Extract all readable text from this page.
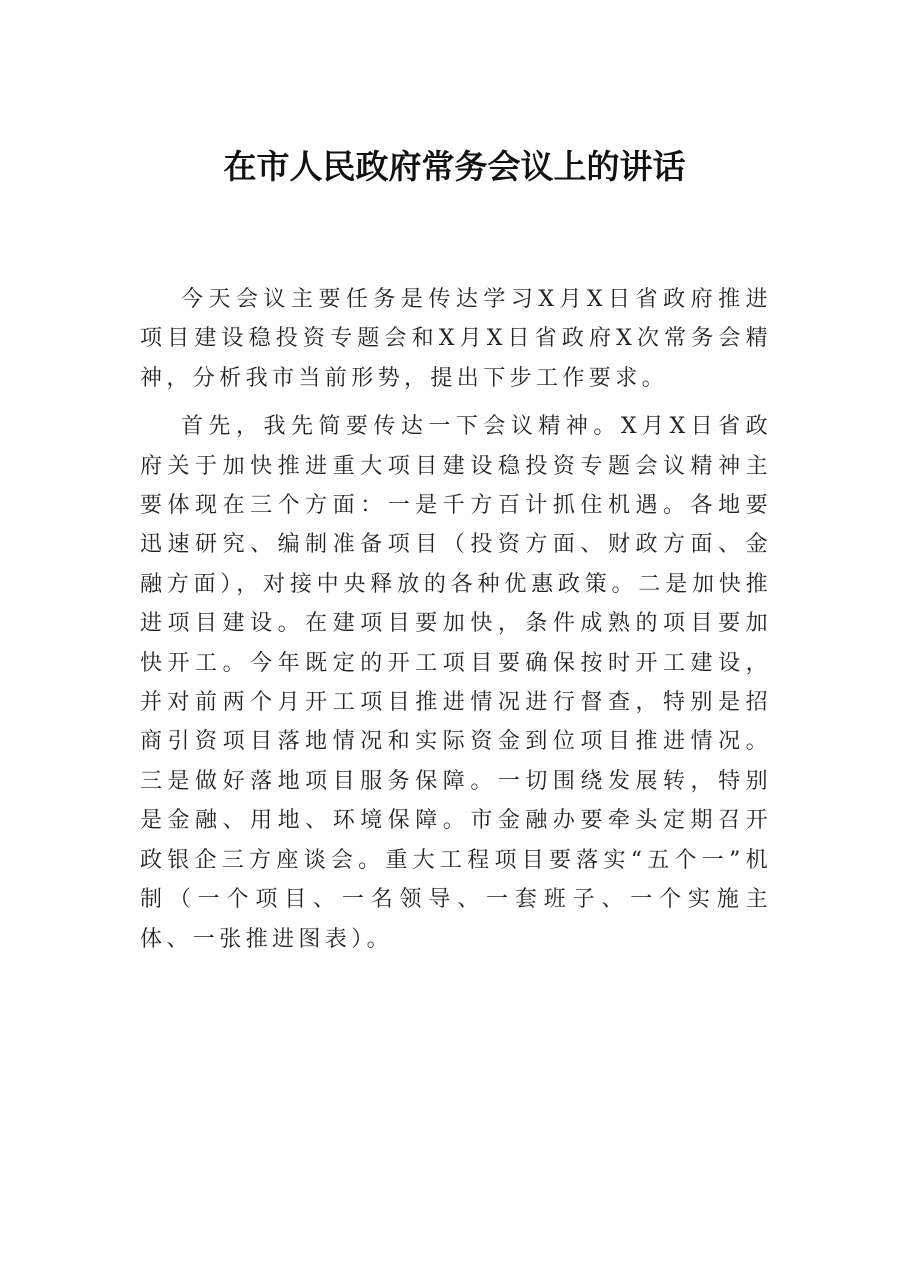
在市人民政府常务会议上的讲话

今天会议主要任务是传达学习X月X日省政府推进项目建设稳投资专题会和X月X日省政府X次常务会精神，分析我市当前形势，提出下步工作要求。

首先，我先简要传达一下会议精神。X月X日省政府关于加快推进重大项目建设稳投资专题会议精神主要体现在三个方面：一是千方百计抓住机遇。各地要迅速研究、编制准备项目（投资方面、财政方面、金融方面），对接中央释放的各种优惠政策。二是加快推进项目建设。在建项目要加快，条件成熟的项目要加快开工。今年既定的开工项目要确保按时开工建设，并对前两个月开工项目推进情况进行督查，特别是招商引资项目落地情况和实际资金到位项目推进情况。三是做好落地项目服务保障。一切围绕发展转，特别是金融、用地、环境保障。市金融办要牵头定期召开政银企三方座谈会。重大工程项目要落实“五个一”机制（一个项目、一名领导、一套班子、一个实施主体、一张推进图表）。
